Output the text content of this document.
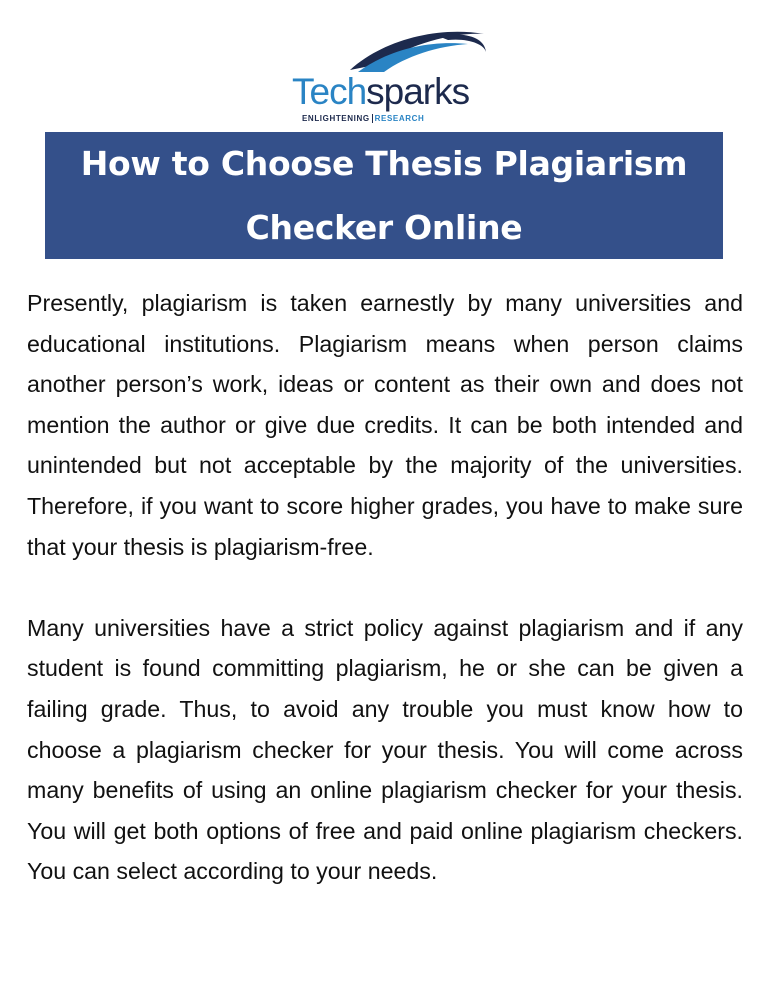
Techsparks
ENLIGHTENING RESEARCH
How to Choose Thesis Plagiarism Checker Online

Presently, plagiarism is taken earnestly by many universities and educational institutions. Plagiarism means when person claims another person’s work, ideas or content as their own and does not mention the author or give due credits. It can be both intended and unintended but not acceptable by the majority of the universities. Therefore, if you want to score higher grades, you have to make sure that your thesis is plagiarism-free.

Many universities have a strict policy against plagiarism and if any student is found committing plagiarism, he or she can be given a failing grade. Thus, to avoid any trouble you must know how to choose a plagiarism checker for your thesis. You will come across many benefits of using an online plagiarism checker for your thesis. You will get both options of free and paid online plagiarism checkers. You can select according to your needs.
